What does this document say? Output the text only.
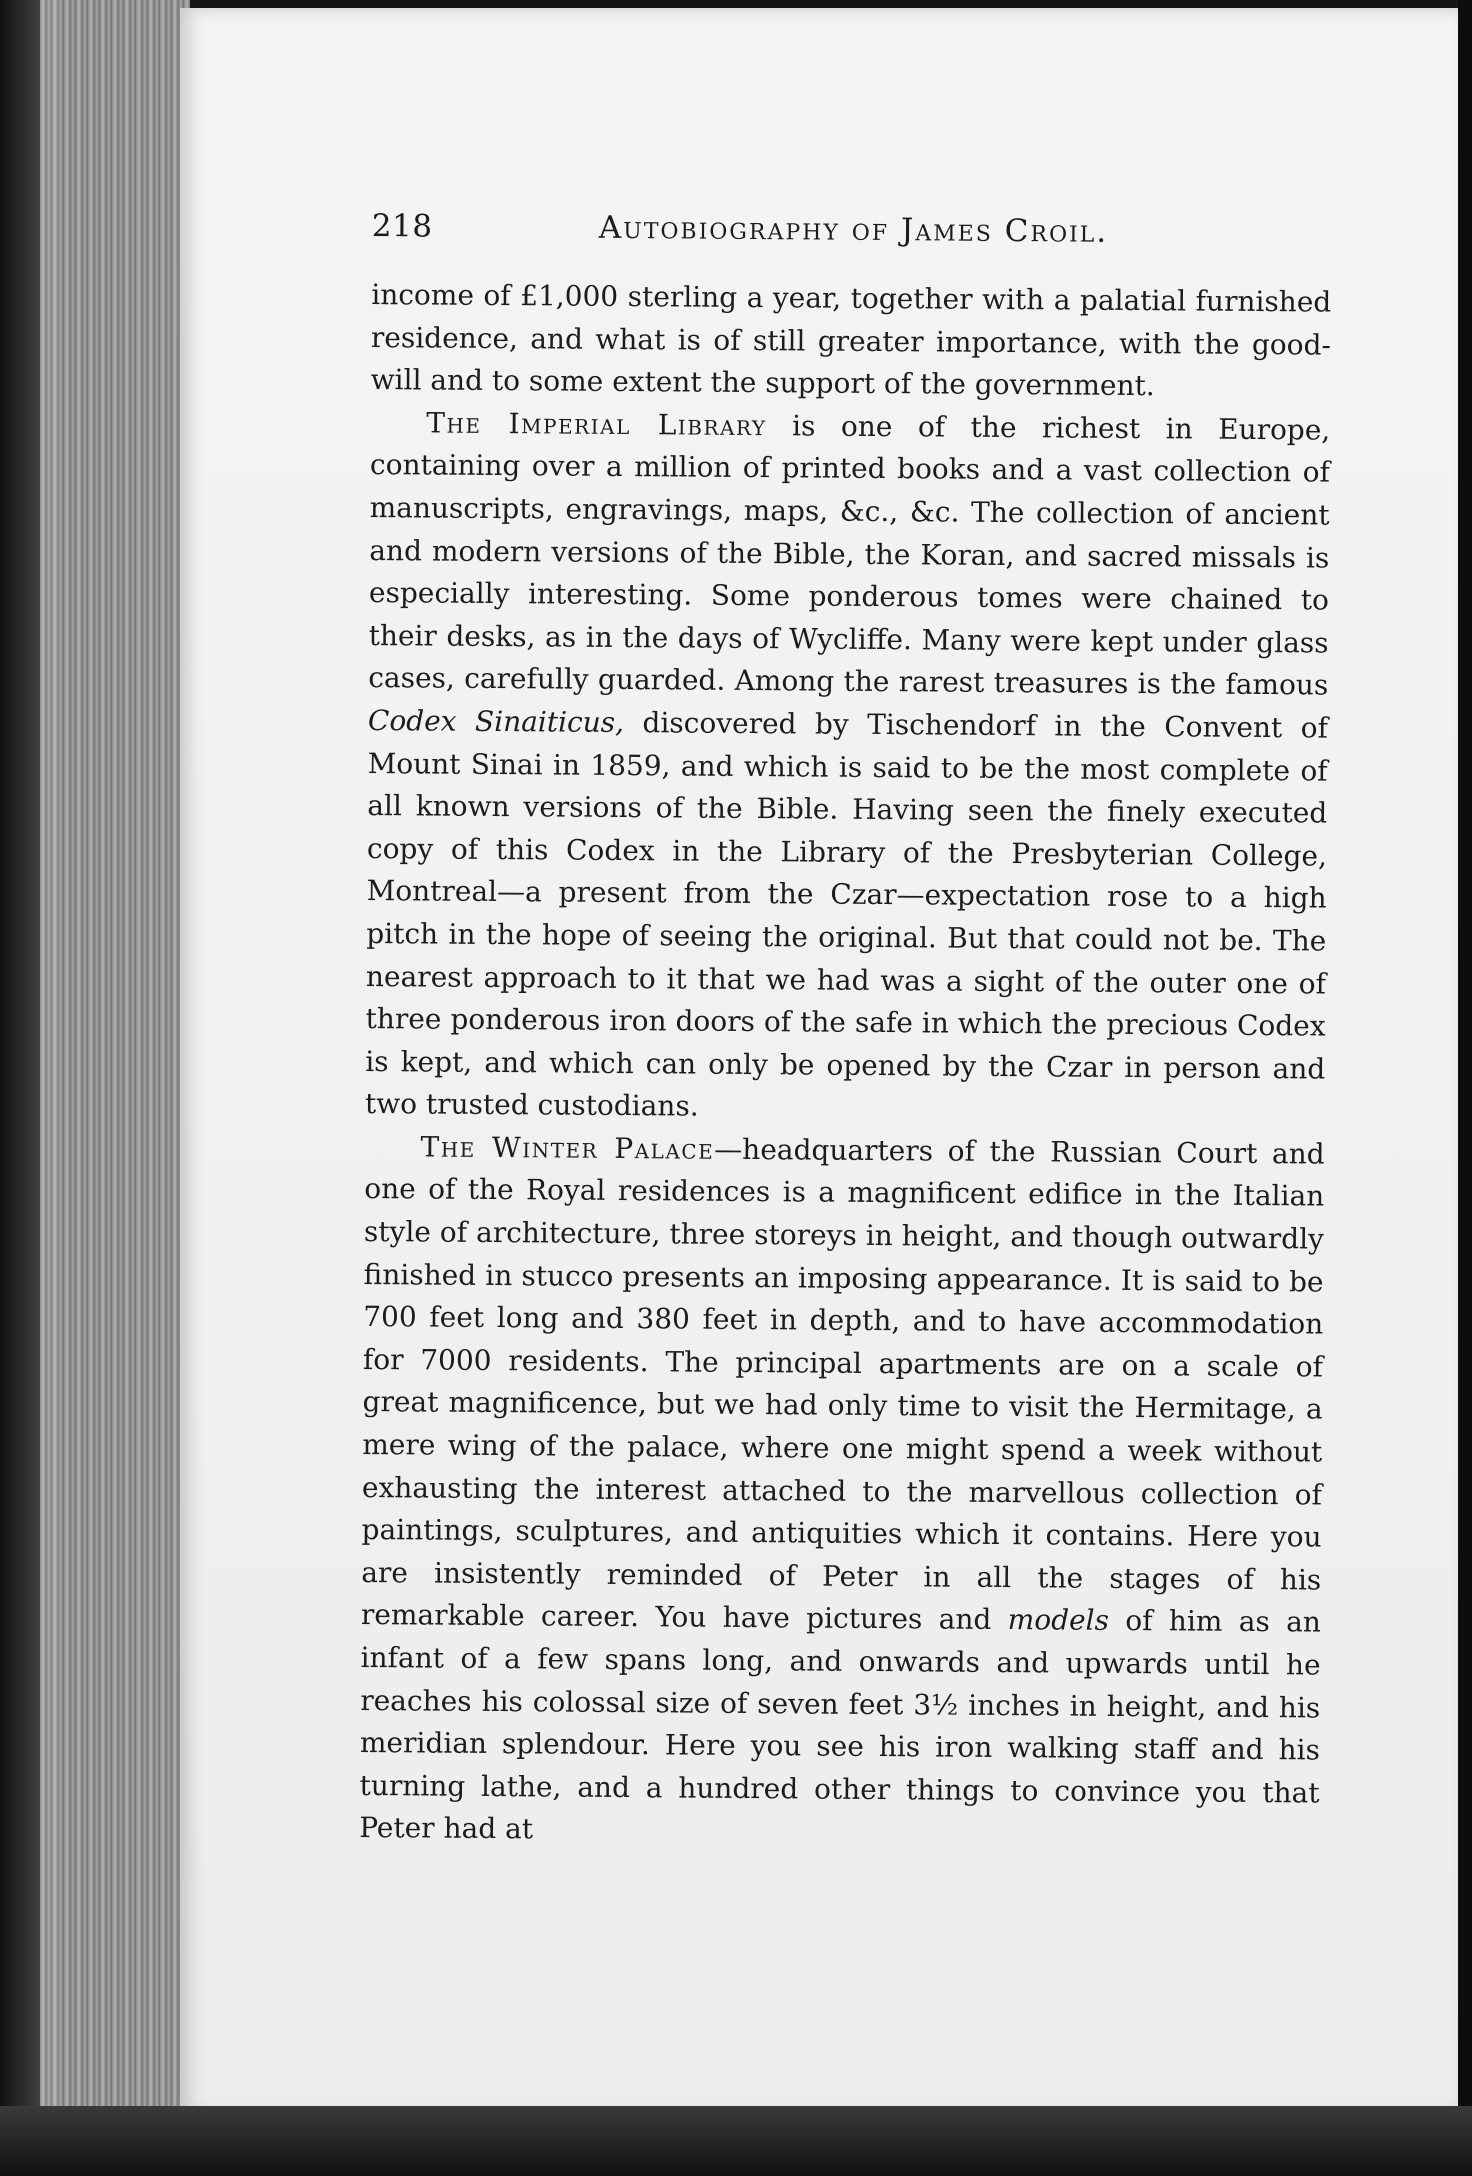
218	Autobiography of James Croil.

income of £1,000 sterling a year, together with a palatial furnished residence, and what is of still greater importance, with the good-will and to some extent the support of the government.

The Imperial Library is one of the richest in Europe, containing over a million of printed books and a vast collection of manuscripts, engravings, maps, &c., &c. The collection of ancient and modern versions of the Bible, the Koran, and sacred missals is especially interesting. Some ponderous tomes were chained to their desks, as in the days of Wycliffe. Many were kept under glass cases, carefully guarded. Among the rarest treasures is the famous Codex Sinaiticus, discovered by Tischendorf in the Convent of Mount Sinai in 1859, and which is said to be the most complete of all known versions of the Bible. Having seen the finely executed copy of this Codex in the Library of the Presbyterian College, Montreal—a present from the Czar—expectation rose to a high pitch in the hope of seeing the original. But that could not be. The nearest approach to it that we had was a sight of the outer one of three ponderous iron doors of the safe in which the precious Codex is kept, and which can only be opened by the Czar in person and two trusted custodians.

The Winter Palace—headquarters of the Russian Court and one of the Royal residences is a magnificent edifice in the Italian style of architecture, three storeys in height, and though outwardly finished in stucco presents an imposing appearance. It is said to be 700 feet long and 380 feet in depth, and to have accommodation for 7000 residents. The principal apartments are on a scale of great magnificence, but we had only time to visit the Hermitage, a mere wing of the palace, where one might spend a week without exhausting the interest attached to the marvellous collection of paintings, sculptures, and antiquities which it contains. Here you are insistently reminded of Peter in all the stages of his remarkable career. You have pictures and models of him as an infant of a few spans long, and onwards and upwards until he reaches his colossal size of seven feet 3½ inches in height, and his meridian splendour. Here you see his iron walking staff and his turning lathe, and a hundred other things to convince you that Peter had at
